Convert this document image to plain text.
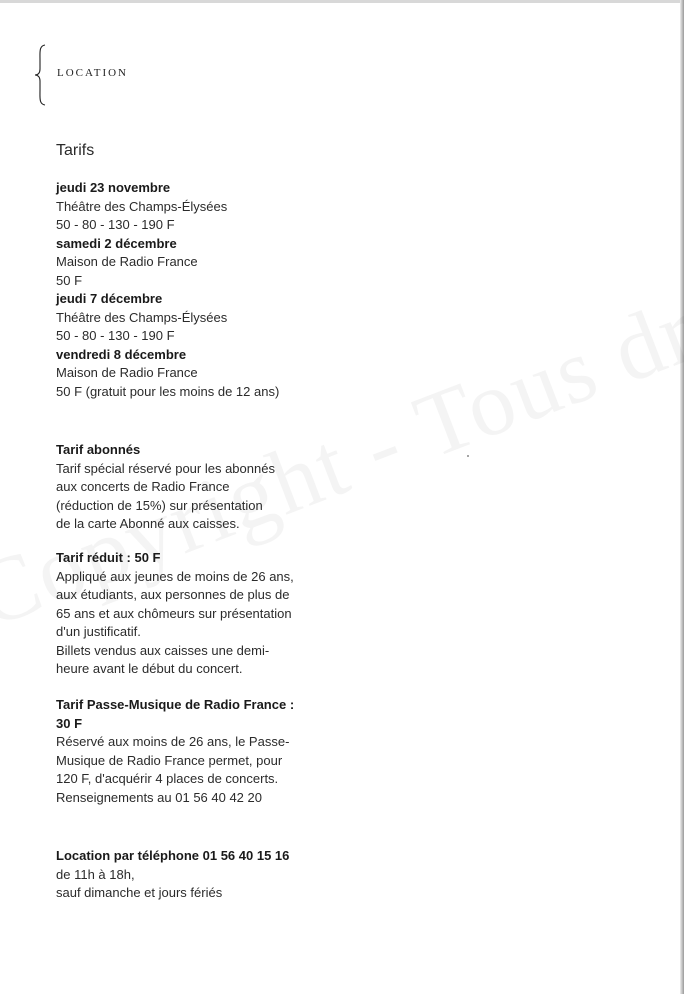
LOCATION
Tarifs
jeudi 23 novembre
Théâtre des Champs-Élysées
50 - 80 - 130 - 190 F
samedi 2 décembre
Maison de Radio France
50 F
jeudi 7 décembre
Théâtre des Champs-Élysées
50 - 80 - 130 - 190 F
vendredi 8 décembre
Maison de Radio France
50 F (gratuit pour les moins de 12 ans)
Tarif abonnés
Tarif spécial réservé pour les abonnés
aux concerts de Radio France
(réduction de 15%) sur présentation
de la carte Abonné aux caisses.
Tarif réduit : 50 F
Appliqué aux jeunes de moins de 26 ans,
aux étudiants, aux personnes de plus de
65 ans et aux chômeurs sur présentation
d'un justificatif.
Billets vendus aux caisses une demi-
heure avant le début du concert.
Tarif Passe-Musique de Radio France :
30 F
Réservé aux moins de 26 ans, le Passe-
Musique de Radio France permet, pour
120 F, d'acquérir 4 places de concerts.
Renseignements au 01 56 40 42 20
Location par téléphone 01 56 40 15 16
de 11h à 18h,
sauf dimanche et jours fériés
